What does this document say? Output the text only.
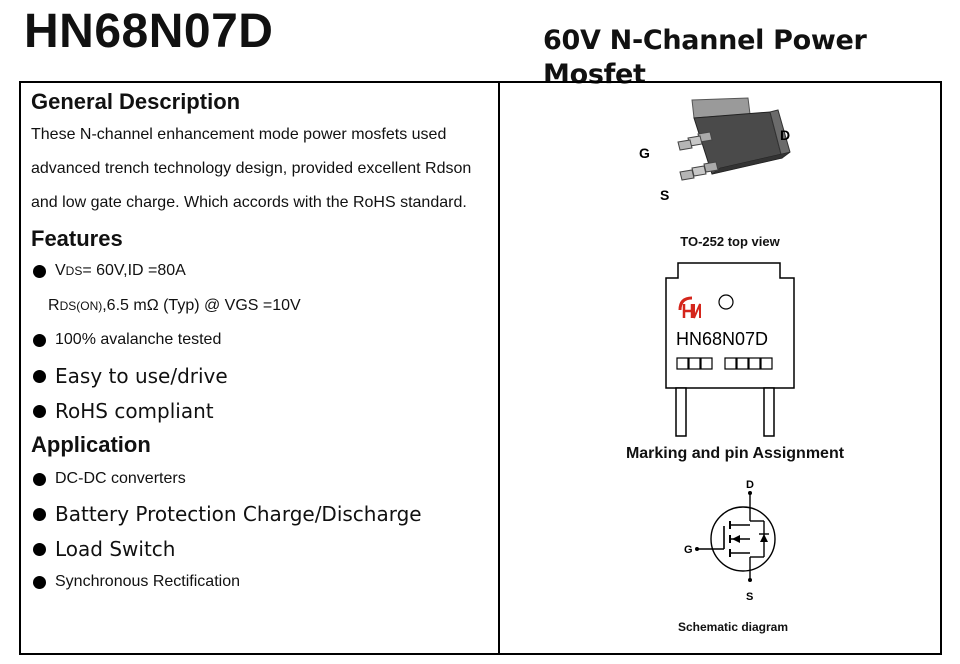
HN68N07D	60V N-Channel Power Mosfet
General Description
These N-channel enhancement mode power mosfets used
advanced trench technology design, provided excellent Rdson
and low gate charge. Which accords with the RoHS standard.
Features
V DS = 60V,ID =80A
R DS(ON) ,6.5 mΩ (Typ) @ VGS =10V
100% avalanche tested
Easy to use/drive
RoHS compliant
Application
DC-DC converters
Battery Protection Charge/Discharge
Load Switch
Synchronous Rectification
G
D
S
TO-252 top view
HN68N07D
Marking and pin Assignment
D
G
S
Schematic diagram
